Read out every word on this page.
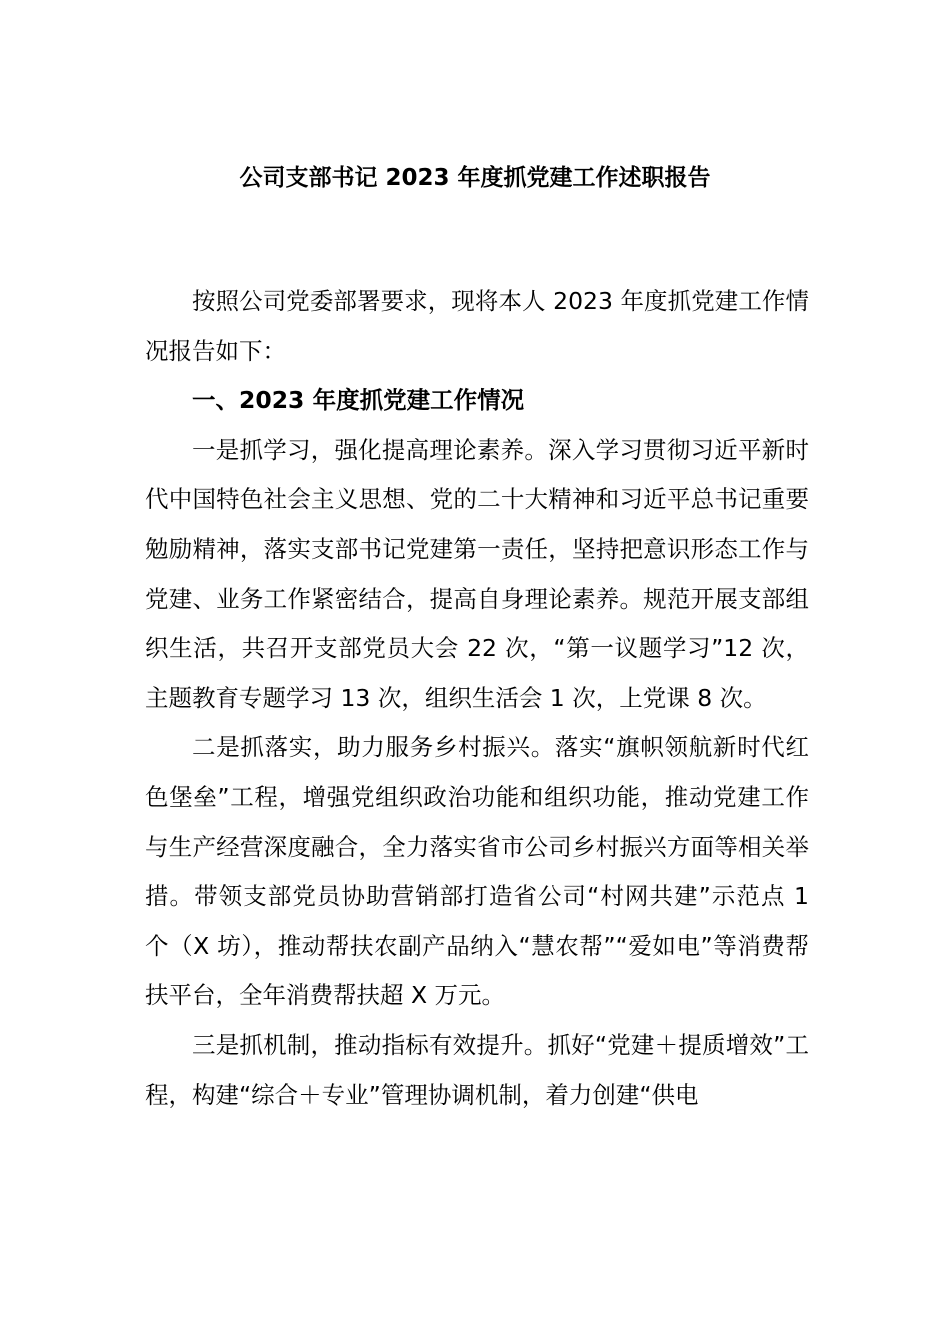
公司支部书记 2023 年度抓党建工作述职报告

按照公司党委部署要求，现将本人 2023 年度抓党建工作情况报告如下：

一、2023 年度抓党建工作情况

一是抓学习，强化提高理论素养。深入学习贯彻习近平新时代中国特色社会主义思想、党的二十大精神和习近平总书记重要勉励精神，落实支部书记党建第一责任，坚持把意识形态工作与党建、业务工作紧密结合，提高自身理论素养。规范开展支部组织生活，共召开支部党员大会 22 次，“第一议题学习”12 次，主题教育专题学习 13 次，组织生活会 1 次，上党课 8 次。

二是抓落实，助力服务乡村振兴。落实“旗帜领航新时代红色堡垒”工程，增强党组织政治功能和组织功能，推动党建工作与生产经营深度融合，全力落实省市公司乡村振兴方面等相关举措。带领支部党员协助营销部打造省公司“村网共建”示范点 1 个（X 坊），推动帮扶农副产品纳入“慧农帮”“爱如电”等消费帮扶平台，全年消费帮扶超 X 万元。

三是抓机制，推动指标有效提升。抓好“党建＋提质增效”工程，构建“综合＋专业”管理协调机制，着力创建“供电
